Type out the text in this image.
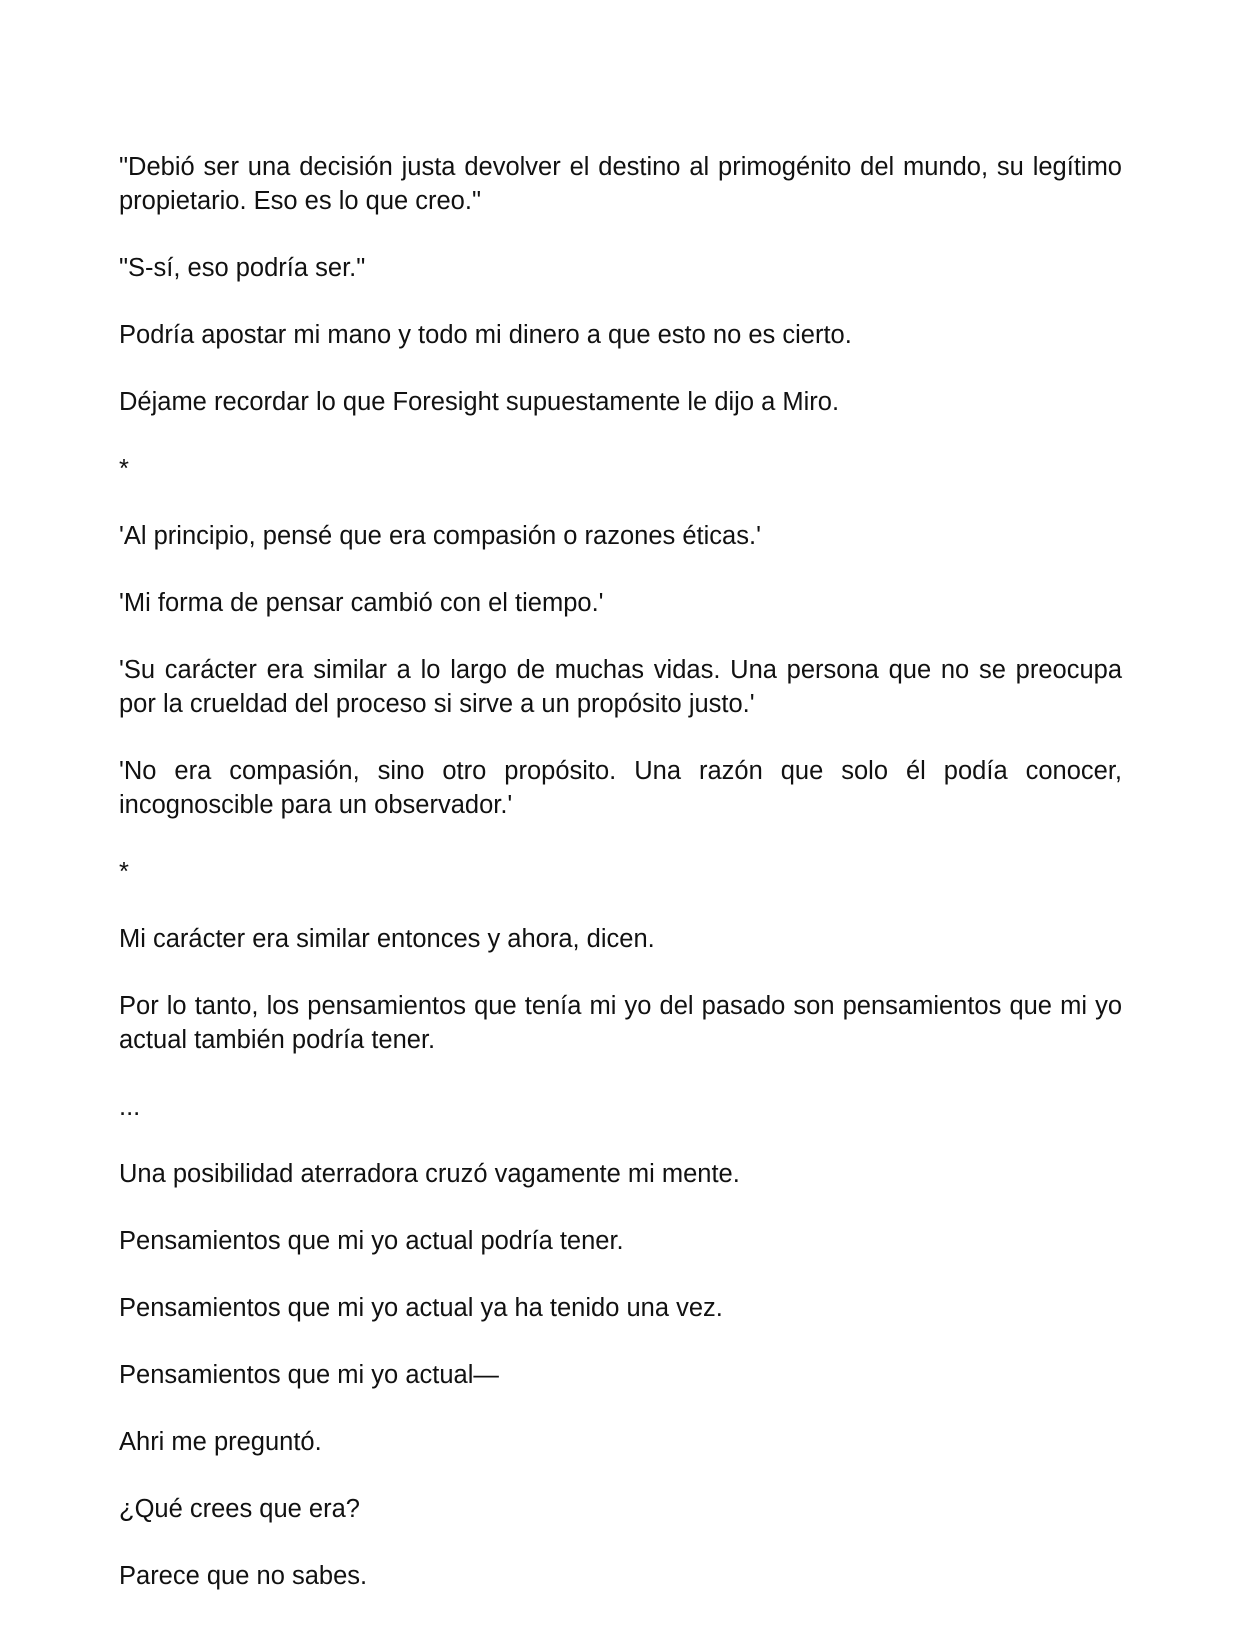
"Debió ser una decisión justa devolver el destino al primogénito del mundo, su legítimo propietario. Eso es lo que creo."

"S-sí, eso podría ser."

Podría apostar mi mano y todo mi dinero a que esto no es cierto.

Déjame recordar lo que Foresight supuestamente le dijo a Miro.

*

'Al principio, pensé que era compasión o razones éticas.'

'Mi forma de pensar cambió con el tiempo.'

'Su carácter era similar a lo largo de muchas vidas. Una persona que no se preocupa por la crueldad del proceso si sirve a un propósito justo.'

'No era compasión, sino otro propósito. Una razón que solo él podía conocer, incognoscible para un observador.'

*

Mi carácter era similar entonces y ahora, dicen.

Por lo tanto, los pensamientos que tenía mi yo del pasado son pensamientos que mi yo actual también podría tener.

...

Una posibilidad aterradora cruzó vagamente mi mente.

Pensamientos que mi yo actual podría tener.

Pensamientos que mi yo actual ya ha tenido una vez.

Pensamientos que mi yo actual—

Ahri me preguntó.

¿Qué crees que era?

Parece que no sabes.
